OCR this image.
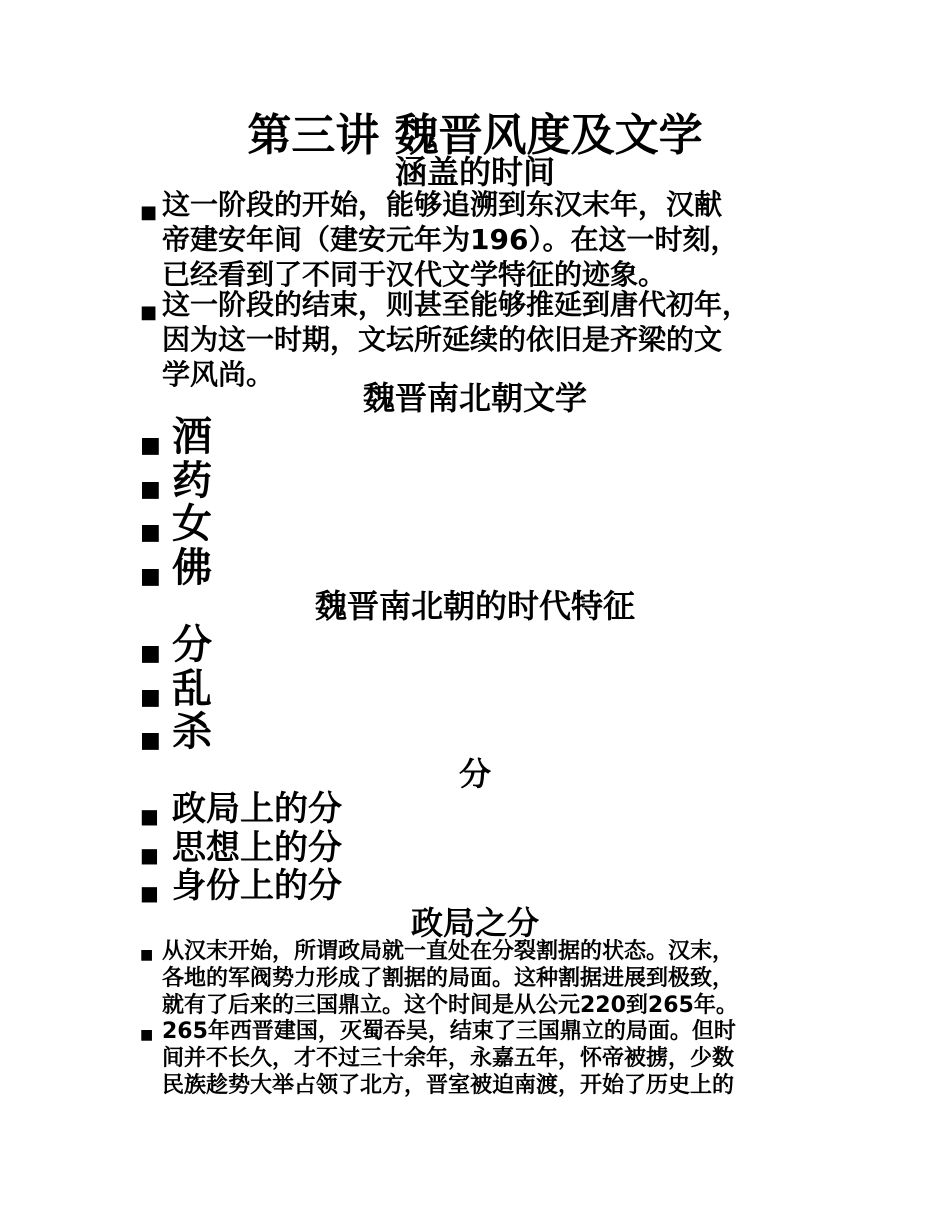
第三讲 魏晋风度及文学
涵盖的时间
■ 这一阶段的开始，能够追溯到东汉末年，汉献
帝建安年间（建安元年为196）。在这一时刻，
已经看到了不同于汉代文学特征的迹象。
■ 这一阶段的结束，则甚至能够推延到唐代初年，
因为这一时期，文坛所延续的依旧是齐梁的文
学风尚。
魏晋南北朝文学
■ 酒
■ 药
■ 女
■ 佛
魏晋南北朝的时代特征
■ 分
■ 乱
■ 杀
分
■ 政局上的分
■ 思想上的分
■ 身份上的分
政局之分
■ 从汉末开始，所谓政局就一直处在分裂割据的状态。汉末，
各地的军阀势力形成了割据的局面。这种割据进展到极致，
就有了后来的三国鼎立。这个时间是从公元220到265年。
■ 265年西晋建国，灭蜀吞吴，结束了三国鼎立的局面。但时
间并不长久，才不过三十余年，永嘉五年，怀帝被掳，少数
民族趁势大举占领了北方，晋室被迫南渡，开始了历史上的
